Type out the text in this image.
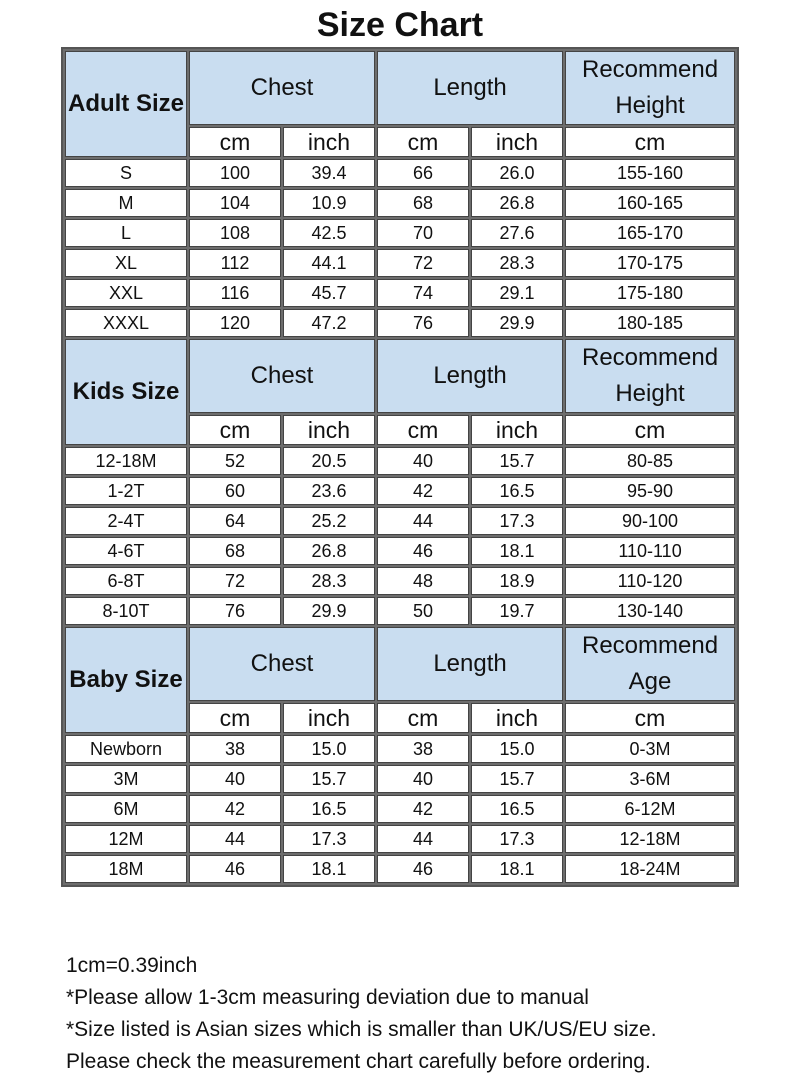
Size Chart
Adult Size	Chest		Length		Recommend
Height

	cm	inch	cm	inch	cm
S	100	39.4	66	26.0	155-160
M	104	10.9	68	26.8	160-165
L	108	42.5	70	27.6	165-170
XL	112	44.1	72	28.3	170-175
XXL	116	45.7	74	29.1	175-180
XXXL	120	47.2	76	29.9	180-185
Kids Size	Chest		Length		Recommend
Height

	cm	inch	cm	inch	cm
12-18M	52	20.5	40	15.7	80-85
1-2T	60	23.6	42	16.5	95-90
2-4T	64	25.2	44	17.3	90-100
4-6T	68	26.8	46	18.1	110-110
6-8T	72	28.3	48	18.9	110-120
8-10T	76	29.9	50	19.7	130-140
Baby Size	Chest		Length		Recommend
Age

	cm	inch	cm	inch	cm
Newborn	38	15.0	38	15.0	0-3M
3M	40	15.7	40	15.7	3-6M
6M	42	16.5	42	16.5	6-12M
12M	44	17.3	44	17.3	12-18M
18M	46	18.1	46	18.1	18-24M
1cm=0.39inch
*Please allow 1-3cm measuring deviation due to manual
*Size listed is Asian sizes which is smaller than UK/US/EU size.
Please check the measurement chart carefully before ordering.
